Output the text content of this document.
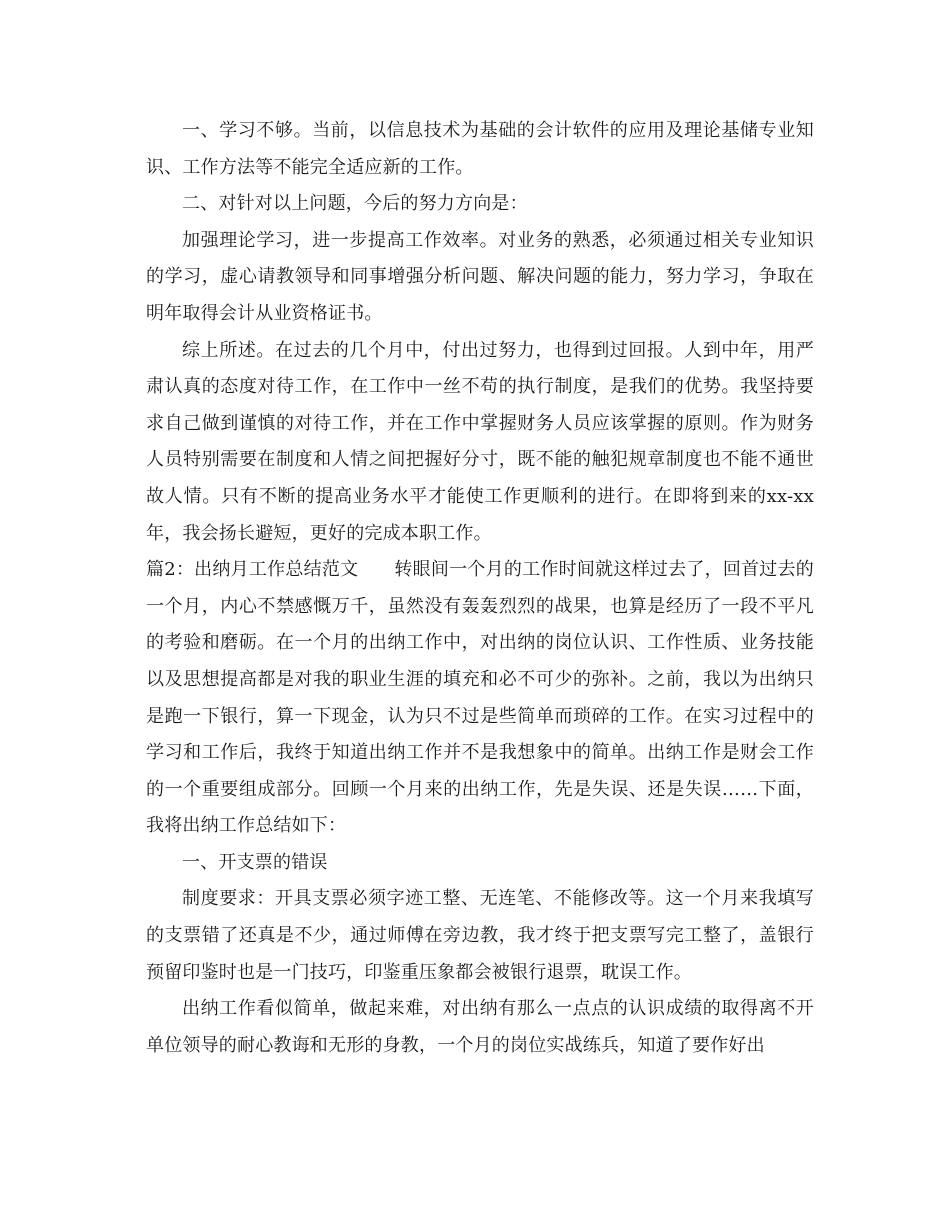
一、学习不够。当前，以信息技术为基础的会计软件的应用及理论基储专业知识、工作方法等不能完全适应新的工作。

二、对针对以上问题，今后的努力方向是：

加强理论学习，进一步提高工作效率。对业务的熟悉，必须通过相关专业知识的学习，虚心请教领导和同事增强分析问题、解决问题的能力，努力学习，争取在明年取得会计从业资格证书。

综上所述。在过去的几个月中，付出过努力，也得到过回报。人到中年，用严肃认真的态度对待工作，在工作中一丝不苟的执行制度，是我们的优势。我坚持要求自己做到谨慎的对待工作，并在工作中掌握财务人员应该掌握的原则。作为财务人员特别需要在制度和人情之间把握好分寸，既不能的触犯规章制度也不能不通世故人情。只有不断的提高业务水平才能使工作更顺利的进行。在即将到来的xx-xx年，我会扬长避短，更好的完成本职工作。

篇2：出纳月工作总结范文 转眼间一个月的工作时间就这样过去了，回首过去的一个月，内心不禁感慨万千，虽然没有轰轰烈烈的战果，也算是经历了一段不平凡的考验和磨砺。在一个月的出纳工作中，对出纳的岗位认识、工作性质、业务技能以及思想提高都是对我的职业生涯的填充和必不可少的弥补。之前，我以为出纳只是跑一下银行，算一下现金，认为只不过是些简单而琐碎的工作。在实习过程中的学习和工作后，我终于知道出纳工作并不是我想象中的简单。出纳工作是财会工作的一个重要组成部分。回顾一个月来的出纳工作，先是失误、还是失误……下面，我将出纳工作总结如下：

一、开支票的错误

制度要求：开具支票必须字迹工整、无连笔、不能修改等。这一个月来我填写的支票错了还真是不少，通过师傅在旁边教，我才终于把支票写完工整了，盖银行预留印鉴时也是一门技巧，印鉴重压象都会被银行退票，耽误工作。

出纳工作看似简单，做起来难，对出纳有那么一点点的认识成绩的取得离不开单位领导的耐心教诲和无形的身教，一个月的岗位实战练兵，知道了要作好出
